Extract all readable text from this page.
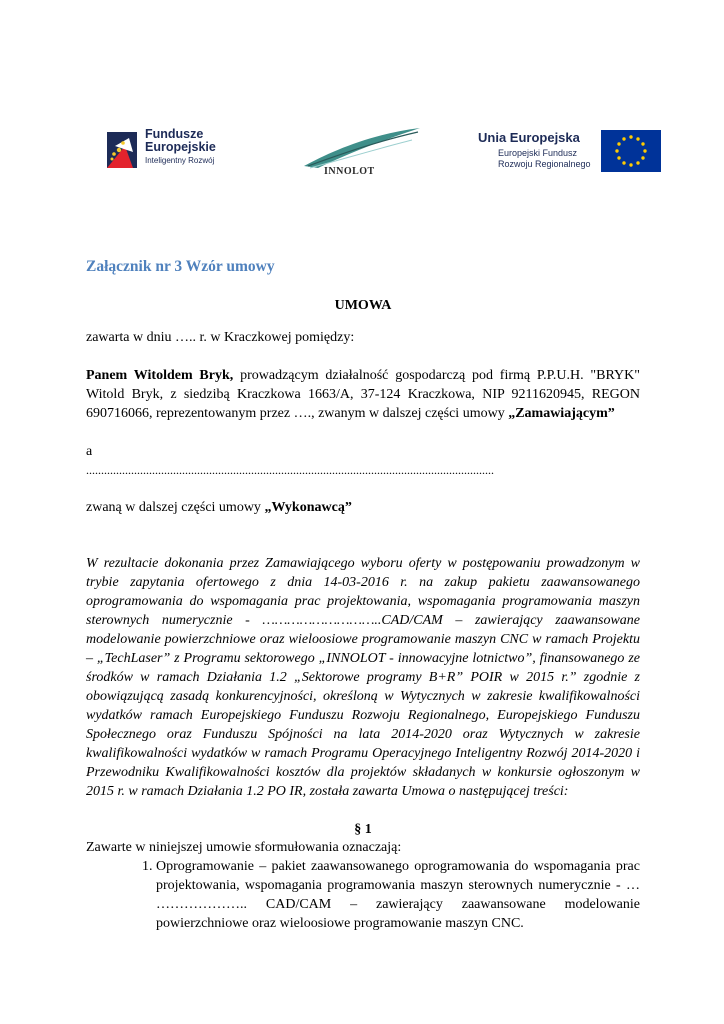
Fundusze
Europejskie
Inteligentny Rozwój
INNOLOT
Unia Europejska
Europejski Fundusz
Rozwoju Regionalnego
Załącznik nr 3 Wzór umowy
UMOWA

zawarta w dniu ….. r. w Kraczkowej pomiędzy:

Panem Witoldem Bryk, prowadzącym działalność gospodarczą pod firmą P.P.U.H. "BRYK" Witold Bryk, z siedzibą Kraczkowa 1663/A, 37-124 Kraczkowa, NIP 9211620945, REGON 690716066, reprezentowanym przez …., zwanym w dalszej części umowy „Zamawiającym”

a

........................................................................................................................................

zwaną w dalszej części umowy „Wykonawcą”

W rezultacie dokonania przez Zamawiającego wyboru oferty w postępowaniu prowadzonym w trybie zapytania ofertowego z dnia 14-03-2016 r. na zakup pakietu zaawansowanego oprogramowania do wspomagania prac projektowania, wspomagania programowania maszyn sterownych numerycznie - ………………………..CAD/CAM – zawierający zaawansowane modelowanie powierzchniowe oraz wieloosiowe programowanie maszyn CNC w ramach Projektu – „TechLaser” z Programu sektorowego „INNOLOT - innowacyjne lotnictwo”, finansowanego ze środków w ramach Działania 1.2 „Sektorowe programy B+R” POIR w 2015 r.” zgodnie z obowiązującą zasadą konkurencyjności, określoną w Wytycznych w zakresie kwalifikowalności wydatków ramach Europejskiego Funduszu Rozwoju Regionalnego, Europejskiego Funduszu Społecznego oraz Funduszu Spójności na lata 2014-2020 oraz Wytycznych w zakresie kwalifikowalności wydatków w ramach Programu Operacyjnego Inteligentny Rozwój 2014-2020 i Przewodniku Kwalifikowalności kosztów dla projektów składanych w konkursie ogłoszonym w 2015 r. w ramach Działania 1.2 PO IR, została zawarta Umowa o następującej treści:

§ 1

Zawarte w niniejszej umowie sformułowania oznaczają:

1. Oprogramowanie – pakiet zaawansowanego oprogramowania do wspomagania prac projektowania, wspomagania programowania maszyn sterownych numerycznie - … ……………….. CAD/CAM – zawierający zaawansowane modelowanie powierzchniowe oraz wieloosiowe programowanie maszyn CNC.
